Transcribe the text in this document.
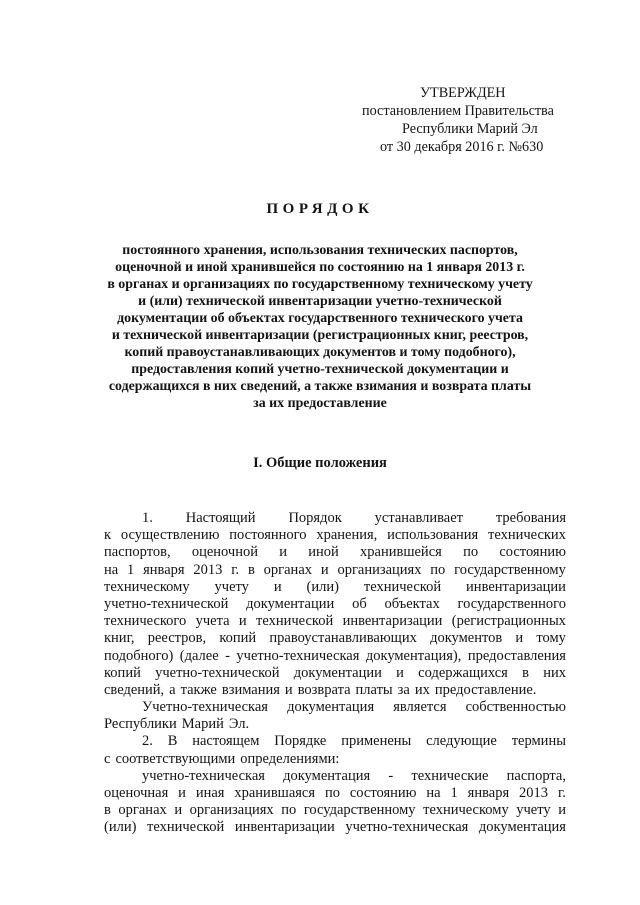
УТВЕРЖДЕН
постановлением Правительства
Республики Марий Эл
от 30 декабря 2016 г. №630
ПОРЯДОК
постоянного хранения, использования технических паспортов,
оценочной и иной хранившейся по состоянию на 1 января 2013 г.
в органах и организациях по государственному техническому учету
и (или) технической инвентаризации учетно-технической
документации об объектах государственного технического учета
и технической инвентаризации (регистрационных книг, реестров,
копий правоустанавливающих документов и тому подобного),
предоставления копий учетно-технической документации и
содержащихся в них сведений, а также взимания и возврата платы
за их предоставление
I. Общие положения
1. Настоящий Порядок устанавливает требования
к осуществлению постоянного хранения, использования технических
паспортов, оценочной и иной хранившейся по состоянию
на 1 января 2013 г. в органах и организациях по государственному
техническому учету и (или) технической инвентаризации
учетно-технической документации об объектах государственного
технического учета и технической инвентаризации (регистрационных
книг, реестров, копий правоустанавливающих документов и тому
подобного) (далее - учетно-техническая документация), предоставления
копий учетно-технической документации и содержащихся в них
сведений, а также взимания и возврата платы за их предоставление.
Учетно-техническая документация является собственностью
Республики Марий Эл.
2. В настоящем Порядке применены следующие термины
с соответствующими определениями:
учетно-техническая документация - технические паспорта,
оценочная и иная хранившаяся по состоянию на 1 января 2013 г.
в органах и организациях по государственному техническому учету и
(или) технической инвентаризации учетно-техническая документация
